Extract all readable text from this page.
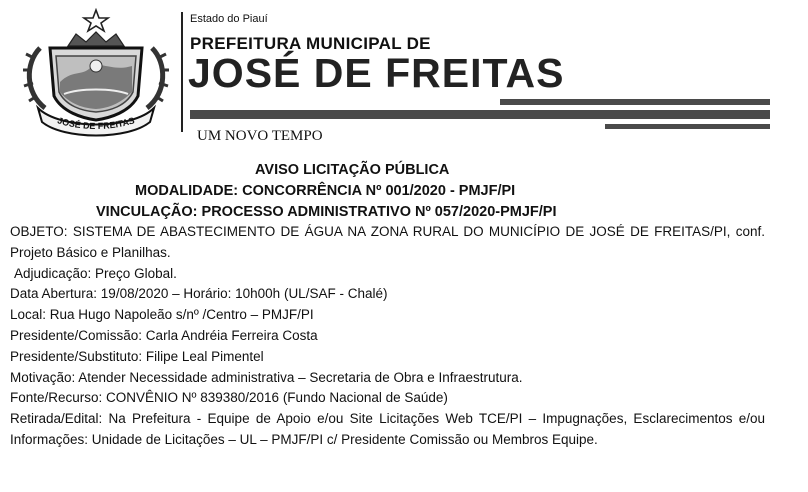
JOSÉ DE FREITAS
Estado do Piauí
PREFEITURA MUNICIPAL DE
JOSÉ DE FREITAS
UM NOVO TEMPO
AVISO LICITAÇÃO PÚBLICA
MODALIDADE: CONCORRÊNCIA Nº 001/2020 - PMJF/PI
VINCULAÇÃO: PROCESSO ADMINISTRATIVO Nº 057/2020-PMJF/PI

OBJETO: SISTEMA DE ABASTECIMENTO DE ÁGUA NA ZONA RURAL DO MUNICÍPIO DE JOSÉ DE FREITAS/PI, conf. Projeto Básico e Planilhas.

Adjudicação: Preço Global.

Data Abertura: 19/08/2020 – Horário: 10h00h (UL/SAF - Chalé)

Local: Rua Hugo Napoleão s/nº /Centro – PMJF/PI

Presidente/Comissão: Carla Andréia Ferreira Costa

Presidente/Substituto: Filipe Leal Pimentel

Motivação: Atender Necessidade administrativa – Secretaria de Obra e Infraestrutura.

Fonte/Recurso: CONVÊNIO Nº 839380/2016 (Fundo Nacional de Saúde)

Retirada/Edital: Na Prefeitura - Equipe de Apoio e/ou Site Licitações Web TCE/PI – Impugnações, Esclarecimentos e/ou Informações: Unidade de Licitações – UL – PMJF/PI c/ Presidente Comissão ou Membros Equipe.
